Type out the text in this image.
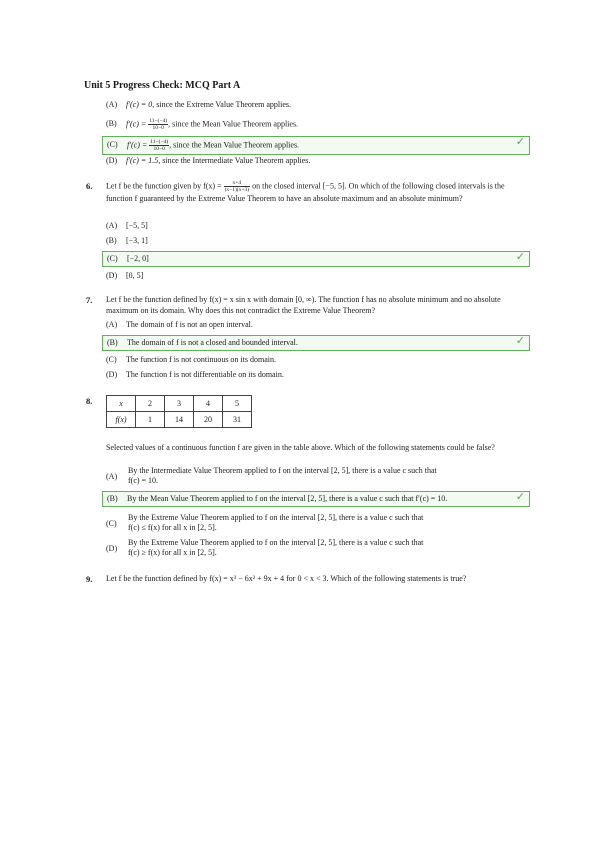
Unit 5 Progress Check: MCQ Part A
(A) f′(c) = 0, since the Extreme Value Theorem applies.
(B) $f'(c) = \frac{11-(-4)}{10-0}$ , since the Mean Value Theorem applies.
(C) $f'(c) = \frac{11-(-4)}{10-0}$ , since the Mean Value Theorem applies.	✓
(D) f′(c) = 1.5, since the Intermediate Value Theorem applies.
6. Let f be the function given by $f(x) = \frac{x+4}{(x-1)(x+3)}$ on the closed interval [−5, 5]. On which of the following closed intervals is the function f guaranteed by the Extreme Value Theorem to have an absolute maximum and an absolute minimum?
(A) [−5, 5]
(B) [−3, 1]
(C) [−2, 0]	✓
(D) [0, 5]
7. Let f be the function defined by f(x) = x sin x with domain [0, ∞). The function f has no absolute minimum and no absolute maximum on its domain. Why does this not contradict the Extreme Value Theorem?
(A) The domain of f is not an open interval.
(B) The domain of f is not a closed and bounded interval.	✓
(C) The function f is not continuous on its domain.
(D) The function f is not differentiable on its domain.
8.	x	2	3	4	5
f(x)	1	14	20	31
Selected values of a continuous function f are given in the table above. Which of the following statements could be false?
(A)
By the Intermediate Value Theorem applied to f on the interval [2, 5], there is a value c such that
f(c) = 10.
(B) By the Mean Value Theorem applied to f on the interval [2, 5], there is a value c such that f′(c) = 10.	✓
(C)
By the Extreme Value Theorem applied to f on the interval [2, 5], there is a value c such that
f(c) ≤ f(x) for all x in [2, 5].
(D)
By the Extreme Value Theorem applied to f on the interval [2, 5], there is a value c such that
f(c) ≥ f(x) for all x in [2, 5].
9. Let f be the function defined by f(x) = x³ − 6x² + 9x + 4 for 0 < x < 3. Which of the following statements is true?
